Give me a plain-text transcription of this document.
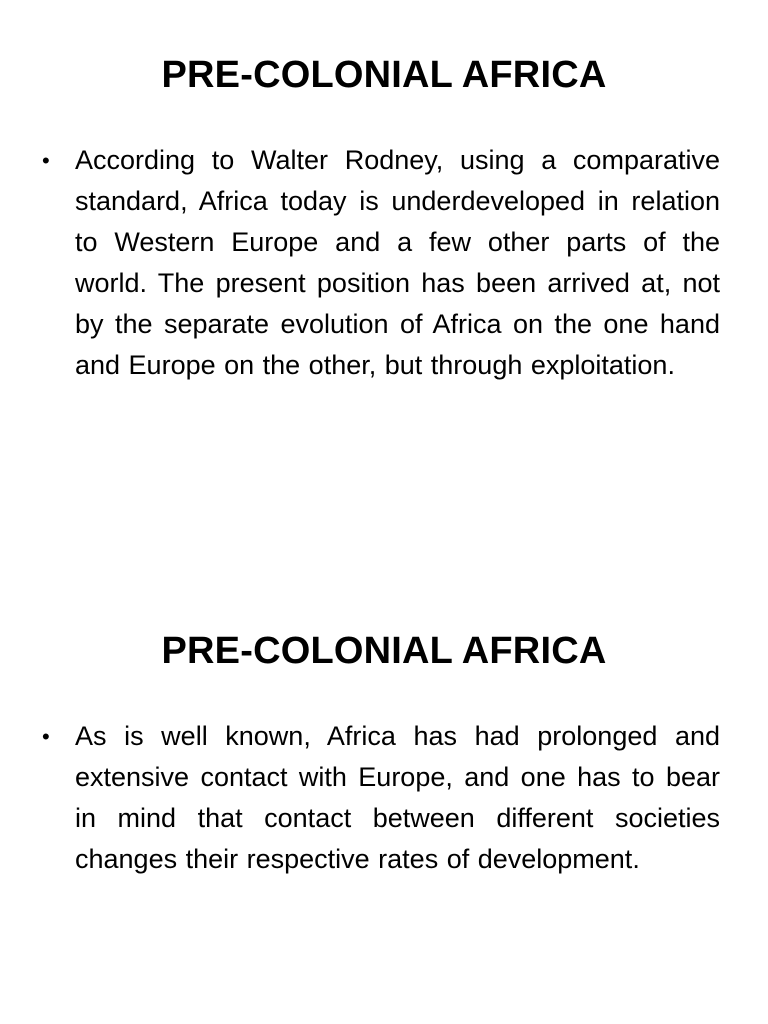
PRE-COLONIAL AFRICA
• According to Walter Rodney, using a comparative standard, Africa today is underdeveloped in relation to Western Europe and a few other parts of the world. The present position has been arrived at, not by the separate evolution of Africa on the one hand and Europe on the other, but through exploitation.
PRE-COLONIAL AFRICA
• As is well known, Africa has had prolonged and extensive contact with Europe, and one has to bear in mind that contact between different societies changes their respective rates of development.
